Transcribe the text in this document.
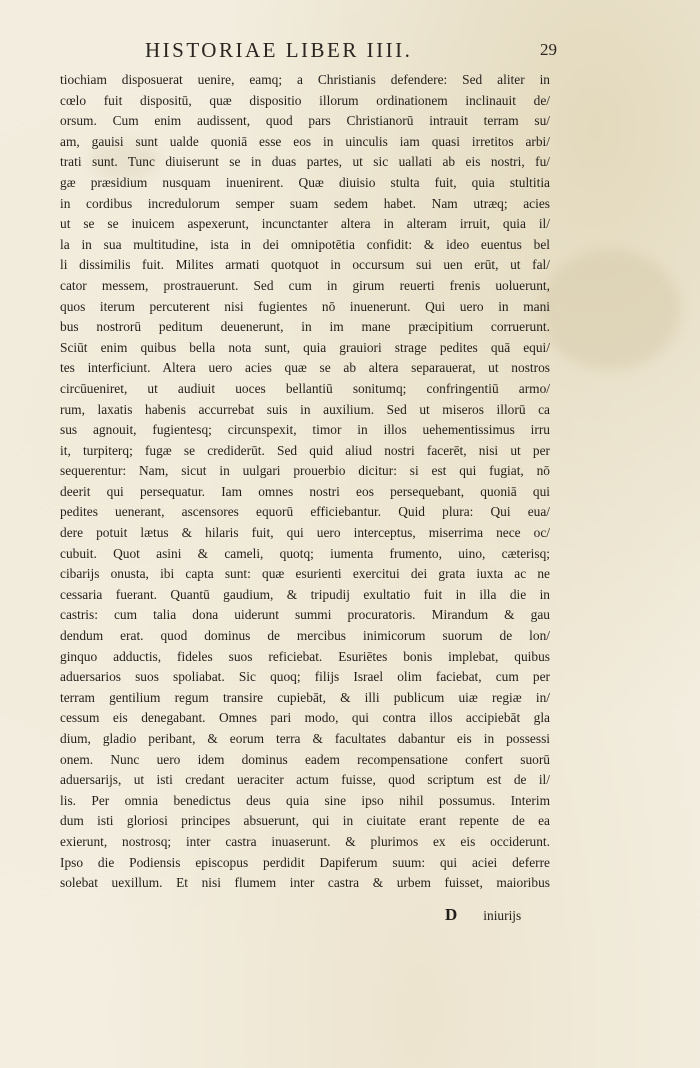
HISTORIAE LIBER IIII.	29
tiochiam disposuerat uenire, eamq; a Christianis defendere: Sed aliter in
cœlo fuit dispositū, quæ dispositio illorum ordinationem inclinauit de/
orsum. Cum enim audissent, quod pars Christianorū intrauit terram su/
am, gauisi sunt ualde quoniā esse eos in uinculis iam quasi irretitos arbi/
trati sunt. Tunc diuiserunt se in duas partes, ut sic uallati ab eis nostri, fu/
gæ præsidium nusquam inuenirent. Quæ diuisio stulta fuit, quia stultitia
in cordibus incredulorum semper suam sedem habet. Nam utræq; acies
ut se se inuicem aspexerunt, incunctanter altera in alteram irruit, quia il/
la in sua multitudine, ista in dei omnipotētia confidit: & ideo euentus bel
li dissimilis fuit. Milites armati quotquot in occursum sui uen erūt, ut fal/
cator messem, prostrauerunt. Sed cum in girum reuerti frenis uoluerunt,
quos iterum percuterent nisi fugientes nō inuenerunt. Qui uero in mani
bus nostrorū peditum deuenerunt, in im mane præcipitium corruerunt.
Sciūt enim quibus bella nota sunt, quia grauiori strage pedites quā equi/
tes interficiunt. Altera uero acies quæ se ab altera separauerat, ut nostros
circūueniret, ut audiuit uoces bellantiū sonitumq; confringentiū armo/
rum, laxatis habenis accurrebat suis in auxilium. Sed ut miseros illorū ca
sus agnouit, fugientesq; circunspexit, timor in illos uehementissimus irru
it, turpiterq; fugæ se crediderūt. Sed quid aliud nostri facerēt, nisi ut per
sequerentur: Nam, sicut in uulgari prouerbio dicitur: si est qui fugiat, nō
deerit qui persequatur. Iam omnes nostri eos persequebant, quoniā qui
pedites uenerant, ascensores equorū efficiebantur. Quid plura: Qui eua/
dere potuit lætus & hilaris fuit, qui uero interceptus, miserrima nece oc/
cubuit. Quot asini & cameli, quotq; iumenta frumento, uino, cæterisq;
cibarijs onusta, ibi capta sunt: quæ esurienti exercitui dei grata iuxta ac ne
cessaria fuerant. Quantū gaudium, & tripudij exultatio fuit in illa die in
castris: cum talia dona uiderunt summi procuratoris. Mirandum & gau
dendum erat. quod dominus de mercibus inimicorum suorum de lon/
ginquo adductis, fideles suos reficiebat. Esuriētes bonis implebat, quibus
aduersarios suos spoliabat. Sic quoq; filijs Israel olim faciebat, cum per
terram gentilium regum transire cupiebāt, & illi publicum uiæ regiæ in/
cessum eis denegabant. Omnes pari modo, qui contra illos accipiebāt gla
dium, gladio peribant, & eorum terra & facultates dabantur eis in possessi
onem. Nunc uero idem dominus eadem recompensatione confert suorū
aduersarijs, ut isti credant ueraciter actum fuisse, quod scriptum est de il/
lis. Per omnia benedictus deus quia sine ipso nihil possumus. Interim
dum isti gloriosi principes absuerunt, qui in ciuitate erant repente de ea
exierunt, nostrosq; inter castra inuaserunt. & plurimos ex eis occiderunt.
Ipso die Podiensis episcopus perdidit Dapiferum suum: qui aciei deferre
solebat uexillum. Et nisi flumem inter castra & urbem fuisset, maioribus
D iniurijs
